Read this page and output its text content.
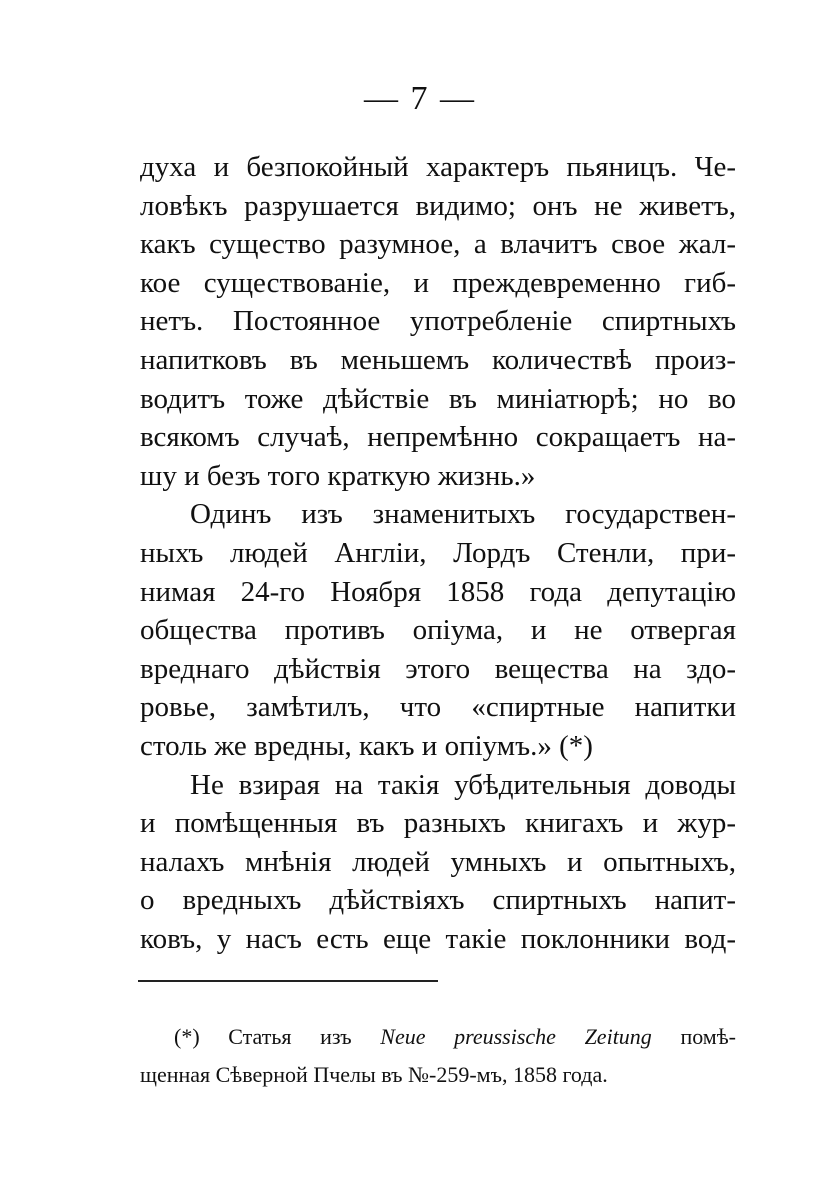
— 7 —
духа и безпокойный характеръ пьяницъ. Че-
ловѣкъ разрушается видимо; онъ не живетъ,
какъ существо разумное, а влачитъ свое жал-
кое существованіе, и преждевременно гиб-
нетъ. Постоянное употребленіе спиртныхъ
напитковъ въ меньшемъ количествѣ произ-
водитъ тоже дѣйствіе въ миніатюрѣ; но во
всякомъ случаѣ, непремѣнно сокращаетъ на-
шу и безъ того краткую жизнь.»
Одинъ изъ знаменитыхъ государствен-
ныхъ людей Англіи, Лордъ Стенли, при-
нимая 24-го Ноября 1858 года депутацію
общества противъ опіума, и не отвергая
вреднаго дѣйствія этого вещества на здо-
ровье, замѣтилъ, что «спиртные напитки
столь же вредны, какъ и опіумъ.» (*)
Не взирая на такія убѣдительныя доводы
и помѣщенныя въ разныхъ книгахъ и жур-
налахъ мнѣнія людей умныхъ и опытныхъ,
о вредныхъ дѣйствіяхъ спиртныхъ напит-
ковъ, у насъ есть еще такіе поклонники вод-
(*) Статья изъ Neue preussische Zeitung помѣ-
щенная Сѣверной Пчелы въ №-259-мъ, 1858 года.
